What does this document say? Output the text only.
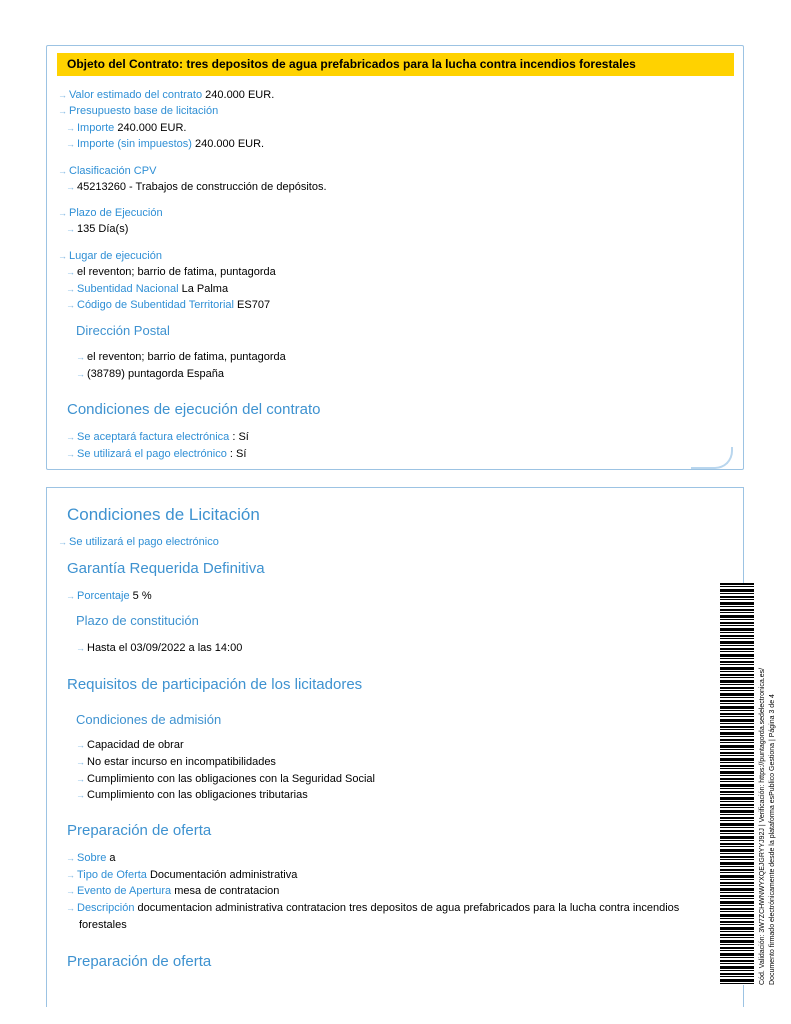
Objeto del Contrato: tres depositos de agua prefabricados para la lucha contra incendios forestales
→ Valor estimado del contrato 240.000 EUR.
→ Presupuesto base de licitación
→ Importe 240.000 EUR.
→ Importe (sin impuestos) 240.000 EUR.
→ Clasificación CPV
→ 45213260 - Trabajos de construcción de depósitos.
→ Plazo de Ejecución
→ 135 Día(s)
→ Lugar de ejecución
→ el reventon; barrio de fatima, puntagorda
→ Subentidad Nacional La Palma
→ Código de Subentidad Territorial ES707
Dirección Postal
→ el reventon; barrio de fatima, puntagorda
→ (38789) puntagorda España
Condiciones de ejecución del contrato
→ Se aceptará factura electrónica : Sí
→ Se utilizará el pago electrónico : Sí
Condiciones de Licitación
→ Se utilizará el pago electrónico
Garantía Requerida Definitiva
→ Porcentaje 5 %
Plazo de constitución
→ Hasta el 03/09/2022 a las 14:00
Requisitos de participación de los licitadores
Condiciones de admisión
→ Capacidad de obrar
→ No estar incurso en incompatibilidades
→ Cumplimiento con las obligaciones con la Seguridad Social
→ Cumplimiento con las obligaciones tributarias
Preparación de oferta
→ Sobre a
→ Tipo de Oferta Documentación administrativa
→ Evento de Apertura mesa de contratacion
→ Descripción documentacion administrativa contratacion tres depositos de agua prefabricados para la lucha contra incendios
forestales
Preparación de oferta	Cód. Validación: 3W7ZCHWNWYXQEJGRYYJ92J | Verificación: https://puntagorda.sedelectronica.es/ Documento firmado electrónicamente desde la plataforma esPublico Gestiona | Página 3 de 4
